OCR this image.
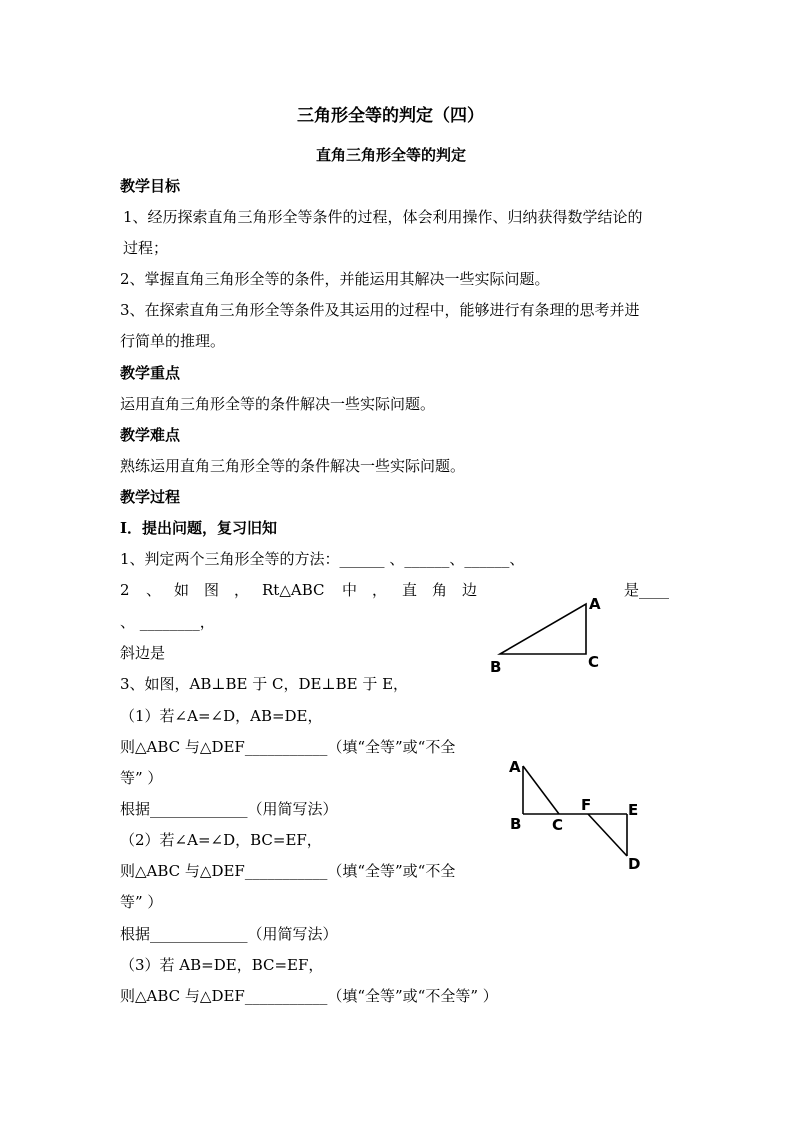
三角形全等的判定（四）
直角三角形全等的判定
教学目标
1、经历探索直角三角形全等条件的过程，体会利用操作、归纳获得数学结论的
过程；
2、掌握直角三角形全等的条件，并能运用其解决一些实际问题。
3、在探索直角三角形全等条件及其运用的过程中，能够进行有条理的思考并进
行简单的推理。
教学重点
运用直角三角形全等的条件解决一些实际问题。
教学难点
熟练运用直角三角形全等的条件解决一些实际问题。
教学过程
Ⅰ．提出问题，复习旧知
1、判定两个三角形全等的方法：______ 、______、______、
2 、 如 图 ， Rt△ABC 中 ， 直 角 边	是____
、 ________，
斜边是
A
B	C
3、如图，AB⊥BE 于 C，DE⊥BE 于 E，
（1）若∠A=∠D，AB=DE，
则△ABC 与△DEF___________（填“全等”或“不全
等” ）
根据_____________（用简写法）
（2）若∠A=∠D，BC=EF，
则△ABC 与△DEF___________（填“全等”或“不全
等” ）
根据_____________（用简写法）
（3）若 AB=DE，BC=EF，
则△ABC 与△DEF___________（填“全等”或“不全等” ）
A
B C
F E
D
